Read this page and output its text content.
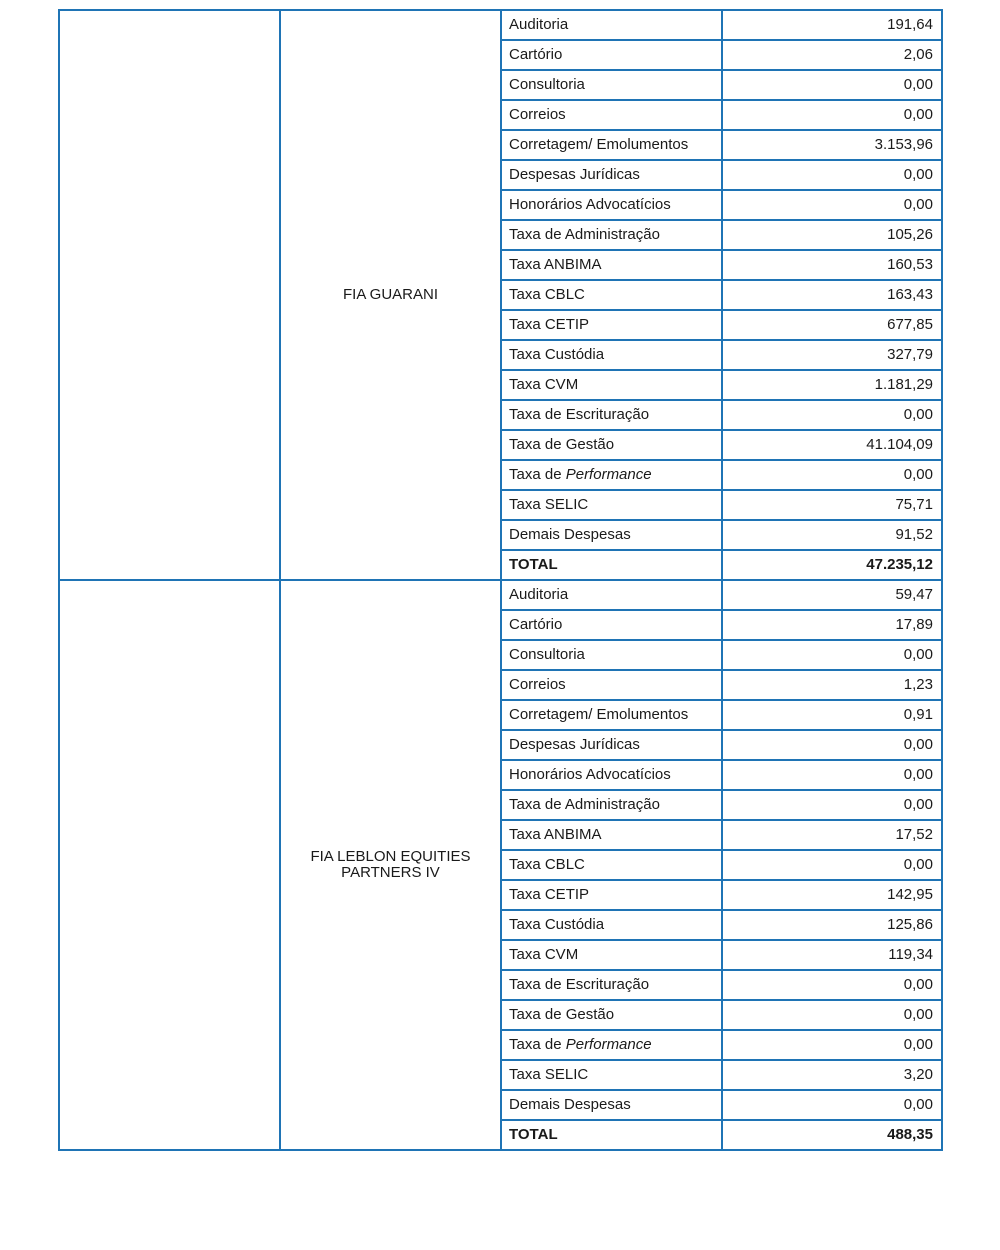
	FIA GUARANI	Auditoria	191,64
		Cartório	2,06
		Consultoria	0,00
		Correios	0,00
		Corretagem/ Emolumentos	3.153,96
		Despesas Jurídicas	0,00
		Honorários Advocatícios	0,00
		Taxa de Administração	105,26
		Taxa ANBIMA	160,53
		Taxa CBLC	163,43
		Taxa CETIP	677,85
		Taxa Custódia	327,79
		Taxa CVM	1.181,29
		Taxa de Escrituração	0,00
		Taxa de Gestão	41.104,09
		Taxa de Performance	0,00
		Taxa SELIC	75,71
		Demais Despesas	91,52
		TOTAL	47.235,12
	FIA LEBLON EQUITIES PARTNERS IV	Auditoria	59,47
		Cartório	17,89
		Consultoria	0,00
		Correios	1,23
		Corretagem/ Emolumentos	0,91
		Despesas Jurídicas	0,00
		Honorários Advocatícios	0,00
		Taxa de Administração	0,00
		Taxa ANBIMA	17,52
		Taxa CBLC	0,00
		Taxa CETIP	142,95
		Taxa Custódia	125,86
		Taxa CVM	119,34
		Taxa de Escrituração	0,00
		Taxa de Gestão	0,00
		Taxa de Performance	0,00
		Taxa SELIC	3,20
		Demais Despesas	0,00
		TOTAL	488,35
